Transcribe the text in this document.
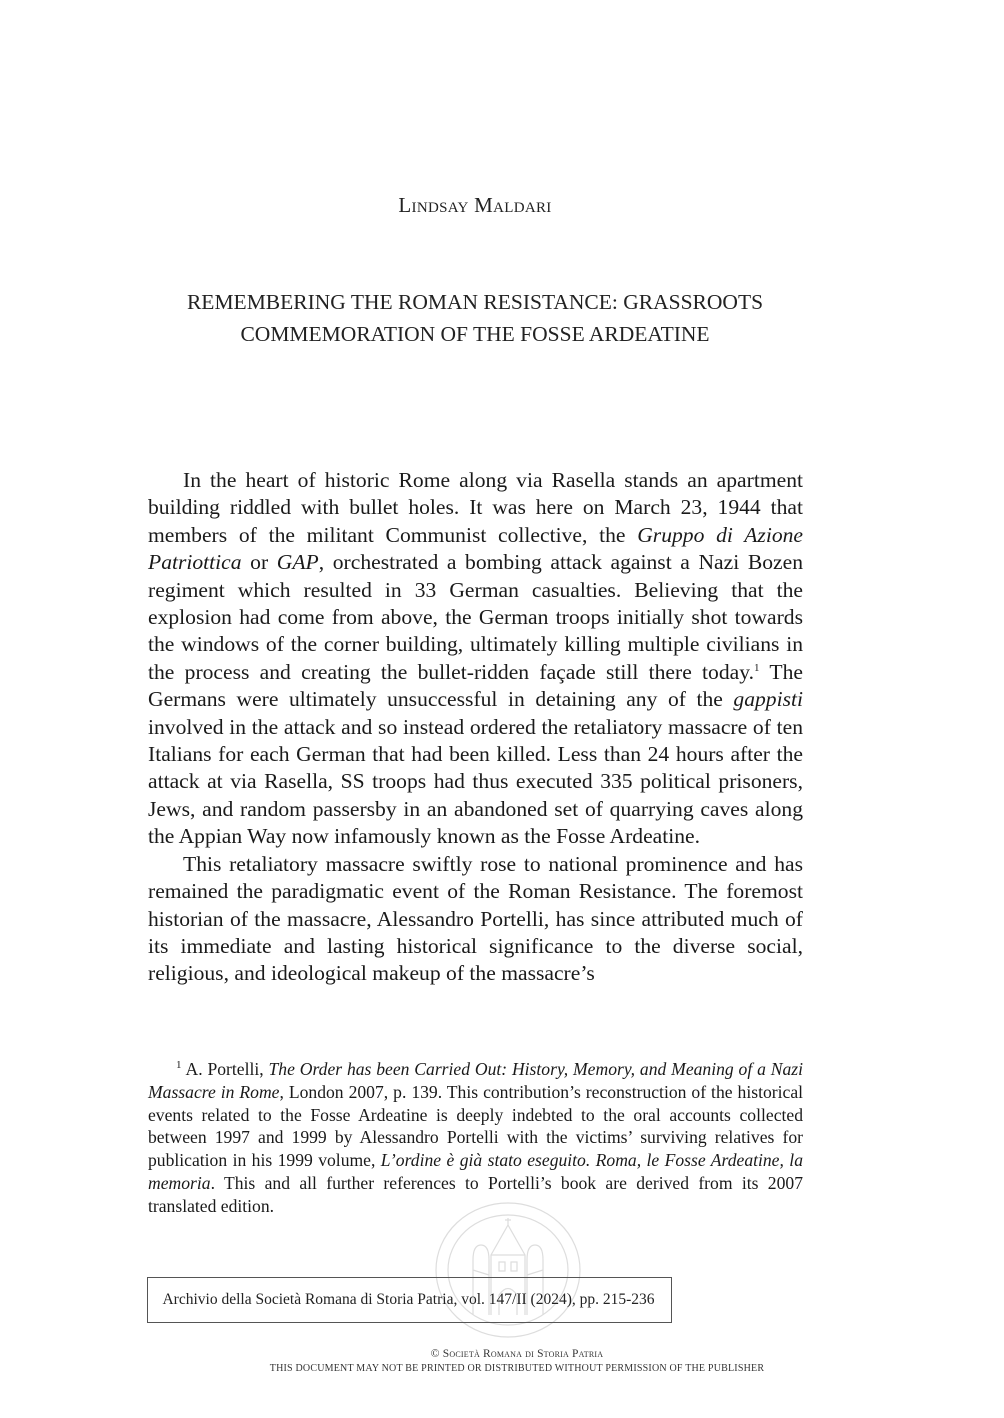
Lindsay Maldari
REMEMBERING THE ROMAN RESISTANCE: GRASSROOTS
COMMEMORATION OF THE FOSSE ARDEATINE

In the heart of historic Rome along via Rasella stands an apartment building riddled with bullet holes. It was here on March 23, 1944 that members of the militant Communist collective, the Gruppo di Azione Patriottica or GAP, orchestrated a bombing attack against a Nazi Bozen regiment which resulted in 33 German casualties. Believing that the explosion had come from above, the German troops initially shot towards the windows of the corner building, ultimately killing multiple civilians in the process and creating the bullet-ridden façade still there today.$^1$ The Germans were ultimately unsuccessful in detaining any of the gappisti involved in the attack and so instead ordered the retaliatory massacre of ten Italians for each German that had been killed. Less than 24 hours after the attack at via Rasella, SS troops had thus executed 335 political prisoners, Jews, and random passersby in an abandoned set of quarrying caves along the Appian Way now infamously known as the Fosse Ardeatine.

This retaliatory massacre swiftly rose to national prominence and has remained the paradigmatic event of the Roman Resistance. The foremost historian of the massacre, Alessandro Portelli, has since attributed much of its immediate and lasting historical significance to the diverse social, religious, and ideological makeup of the massacre’s

$^1$ A. Portelli, The Order has been Carried Out: History, Memory, and Meaning of a Nazi Massacre in Rome, London 2007, p. 139. This contribution’s reconstruction of the historical events related to the Fosse Ardeatine is deeply indebted to the oral accounts collected between 1997 and 1999 by Alessandro Portelli with the victims’ surviving relatives for publication in his 1999 volume, L’ordine è già stato eseguito. Roma, le Fosse Ardeatine, la memoria. This and all further references to Portelli’s book are derived from its 2007 translated edition.

Archivio della Società Romana di Storia Patria, vol. 147/II (2024), pp. 215-236
© Società Romana di Storia Patria
THIS DOCUMENT MAY NOT BE PRINTED OR DISTRIBUTED WITHOUT PERMISSION OF THE PUBLISHER
